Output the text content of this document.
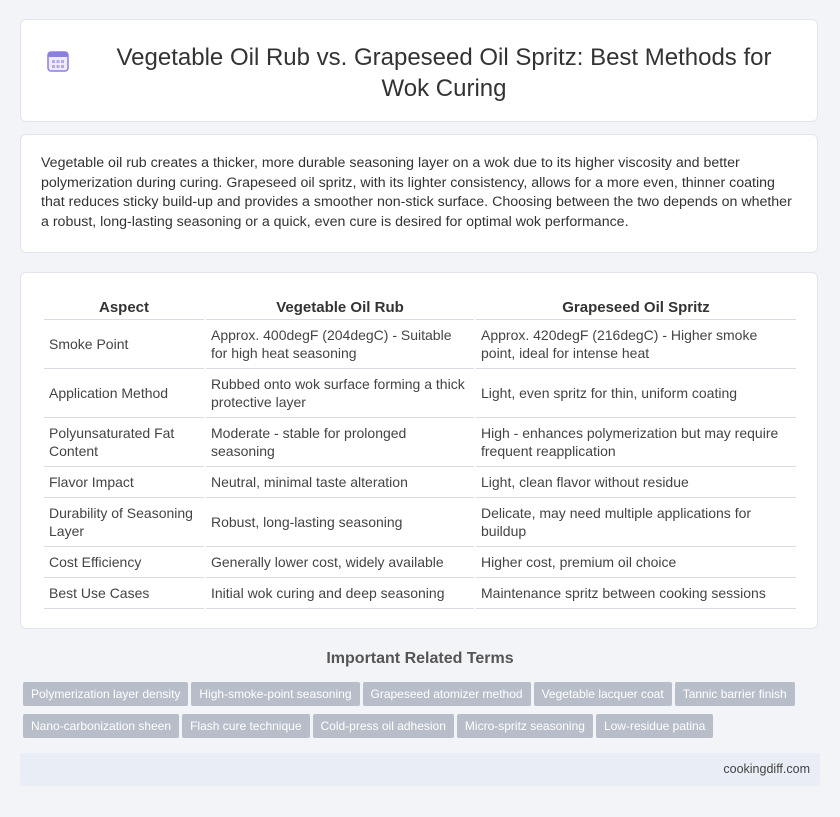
Vegetable Oil Rub vs. Grapeseed Oil Spritz: Best Methods for Wok Curing

Vegetable oil rub creates a thicker, more durable seasoning layer on a wok due to its higher viscosity and better polymerization during curing. Grapeseed oil spritz, with its lighter consistency, allows for a more even, thinner coating that reduces sticky build-up and provides a smoother non-stick surface. Choosing between the two depends on whether a robust, long-lasting seasoning or a quick, even cure is desired for optimal wok performance.

Aspect	Vegetable Oil Rub	Grapeseed Oil Spritz
Smoke Point	Approx. 400degF (204degC) - Suitable for high heat seasoning	Approx. 420degF (216degC) - Higher smoke point, ideal for intense heat
Application Method	Rubbed onto wok surface forming a thick protective layer	Light, even spritz for thin, uniform coating
Polyunsaturated Fat Content	Moderate - stable for prolonged seasoning	High - enhances polymerization but may require frequent reapplication
Flavor Impact	Neutral, minimal taste alteration	Light, clean flavor without residue
Durability of Seasoning Layer	Robust, long-lasting seasoning	Delicate, may need multiple applications for buildup
Cost Efficiency	Generally lower cost, widely available	Higher cost, premium oil choice
Best Use Cases	Initial wok curing and deep seasoning	Maintenance spritz between cooking sessions
Important Related Terms
Polymerization layer density High-smoke-point seasoning Grapeseed atomizer method Vegetable lacquer coat Tannic barrier finishNano-carbonization sheen Flash cure technique Cold-press oil adhesion Micro-spritz seasoning Low-residue patina
cookingdiff.com
